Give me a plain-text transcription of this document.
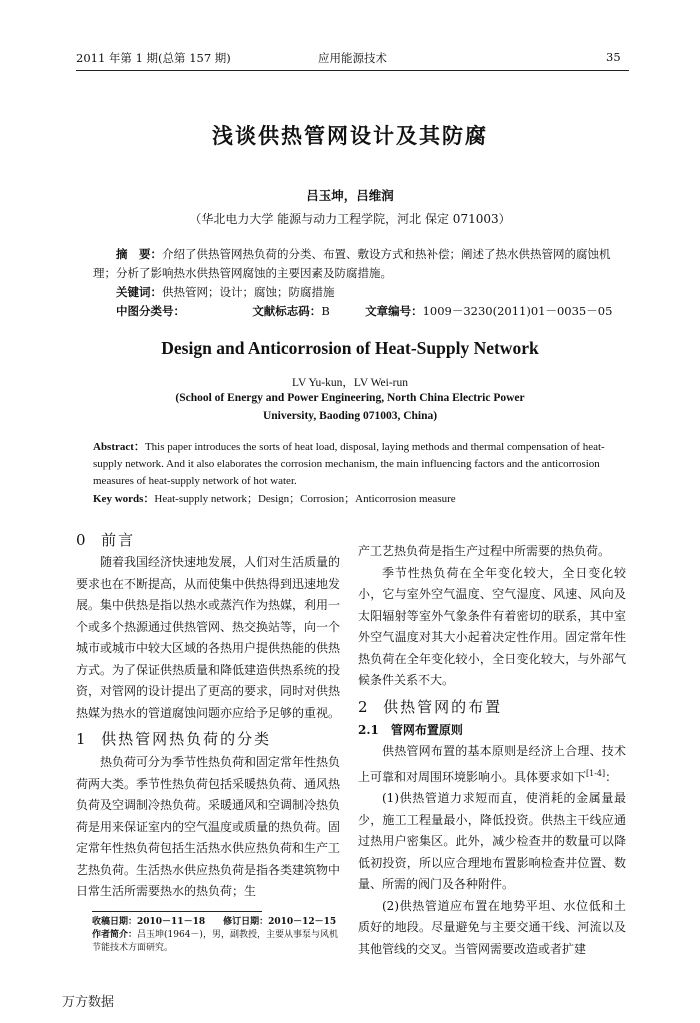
2011 年第 1 期(总第 157 期)	应用能源技术	35
浅谈供热管网设计及其防腐
吕玉坤，吕维润
（华北电力大学 能源与动力工程学院，河北 保定 071003）
摘　要：介绍了供热管网热负荷的分类、布置、敷设方式和热补偿；阐述了热水供热管网的腐蚀机理；分析了影响热水供热管网腐蚀的主要因素及防腐措施。
关键词：供热管网；设计；腐蚀；防腐措施
中图分类号：	文献标志码：B	文章编号：1009－3230(2011)01－0035－05
Design and Anticorrosion of Heat-Supply Network
LV Yu-kun，LV Wei-run
(School of Energy and Power Engineering, North China Electric Power
University, Baoding 071003, China)
Abstract：This paper introduces the sorts of heat load, disposal, laying methods and thermal compensation of heat-supply network. And it also elaborates the corrosion mechanism, the main influencing factors and the anticorrosion measures of heat-supply network of hot water.
Key words：Heat-supply network；Design；Corrosion；Anticorrosion measure
0 前言

随着我国经济快速地发展，人们对生活质量的要求也在不断提高，从而使集中供热得到迅速地发展。集中供热是指以热水或蒸汽作为热媒，利用一个或多个热源通过供热管网、热交换站等，向一个城市或城市中较大区域的各热用户提供热能的供热方式。为了保证供热质量和降低建造供热系统的投资，对管网的设计提出了更高的要求，同时对供热热媒为热水的管道腐蚀问题亦应给予足够的重视。

1 供热管网热负荷的分类

热负荷可分为季节性热负荷和固定常年性热负荷两大类。季节性热负荷包括采暖热负荷、通风热负荷及空调制冷热负荷。采暖通风和空调制冷热负荷是用来保证室内的空气温度或质量的热负荷。固定常年性热负荷包括生活热水供应热负荷和生产工艺热负荷。生活热水供应热负荷是指各类建筑物中日常生活所需要热水的热负荷；生

产工艺热负荷是指生产过程中所需要的热负荷。

季节性热负荷在全年变化较大，全日变化较小，它与室外空气温度、空气湿度、风速、风向及太阳辐射等室外气象条件有着密切的联系，其中室外空气温度对其大小起着决定性作用。固定常年性热负荷在全年变化较小，全日变化较大，与外部气候条件关系不大。

2 供热管网的布置
2.1　管网布置原则

供热管网布置的基本原则是经济上合理、技术上可靠和对周围环境影响小。具体要求如下[1-4]：

(1)供热管道力求短而直，使消耗的金属量最少，施工工程量最小，降低投资。供热主干线应通过热用户密集区。此外，减少检查井的数量可以降低初投资，所以应合理地布置影响检查井位置、数量、所需的阀门及各种附件。

(2)供热管道应布置在地势平坦、水位低和土质好的地段。尽量避免与主要交通干线、河流以及其他管线的交叉。当管网需要改造或者扩建

收稿日期：2010－11－18　　修订日期：2010－12－15
作者简介：吕玉坤(1964－)，男，副教授，主要从事泵与风机节能技术方面研究。
万方数据
